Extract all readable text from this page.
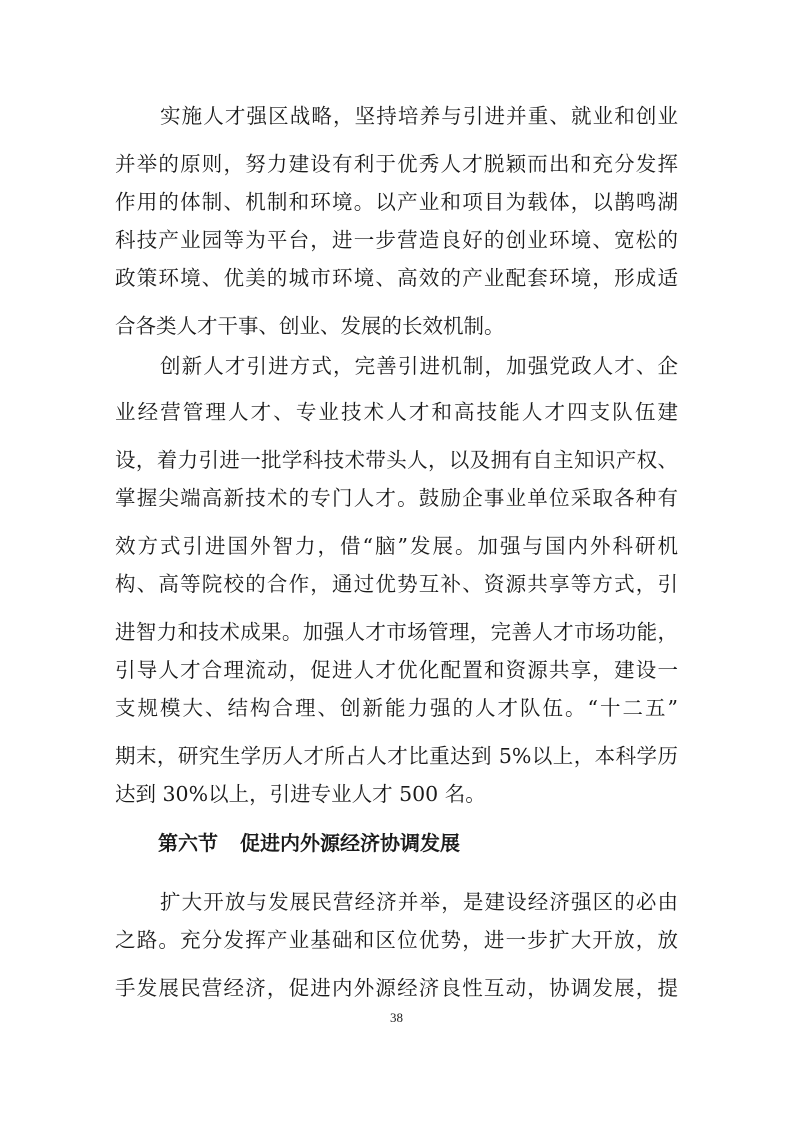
实施人才强区战略，坚持培养与引进并重、就业和创业
并举的原则，努力建设有利于优秀人才脱颖而出和充分发挥
作用的体制、机制和环境。以产业和项目为载体，以鹊鸣湖
科技产业园等为平台，进一步营造良好的创业环境、宽松的
政策环境、优美的城市环境、高效的产业配套环境，形成适
合各类人才干事、创业、发展的长效机制。
创新人才引进方式，完善引进机制，加强党政人才、企
业经营管理人才、专业技术人才和高技能人才四支队伍建
设，着力引进一批学科技术带头人，以及拥有自主知识产权、
掌握尖端高新技术的专门人才。鼓励企事业单位采取各种有
效方式引进国外智力，借“脑”发展。加强与国内外科研机
构、高等院校的合作，通过优势互补、资源共享等方式，引
进智力和技术成果。加强人才市场管理，完善人才市场功能，
引导人才合理流动，促进人才优化配置和资源共享，建设一
支规模大、结构合理、创新能力强的人才队伍。“十二五”
期末，研究生学历人才所占人才比重达到 5%以上，本科学历
达到 30%以上，引进专业人才 500 名。
第六节 促进内外源经济协调发展
扩大开放与发展民营经济并举，是建设经济强区的必由
之路。充分发挥产业基础和区位优势，进一步扩大开放，放
手发展民营经济，促进内外源经济良性互动，协调发展，提
38
